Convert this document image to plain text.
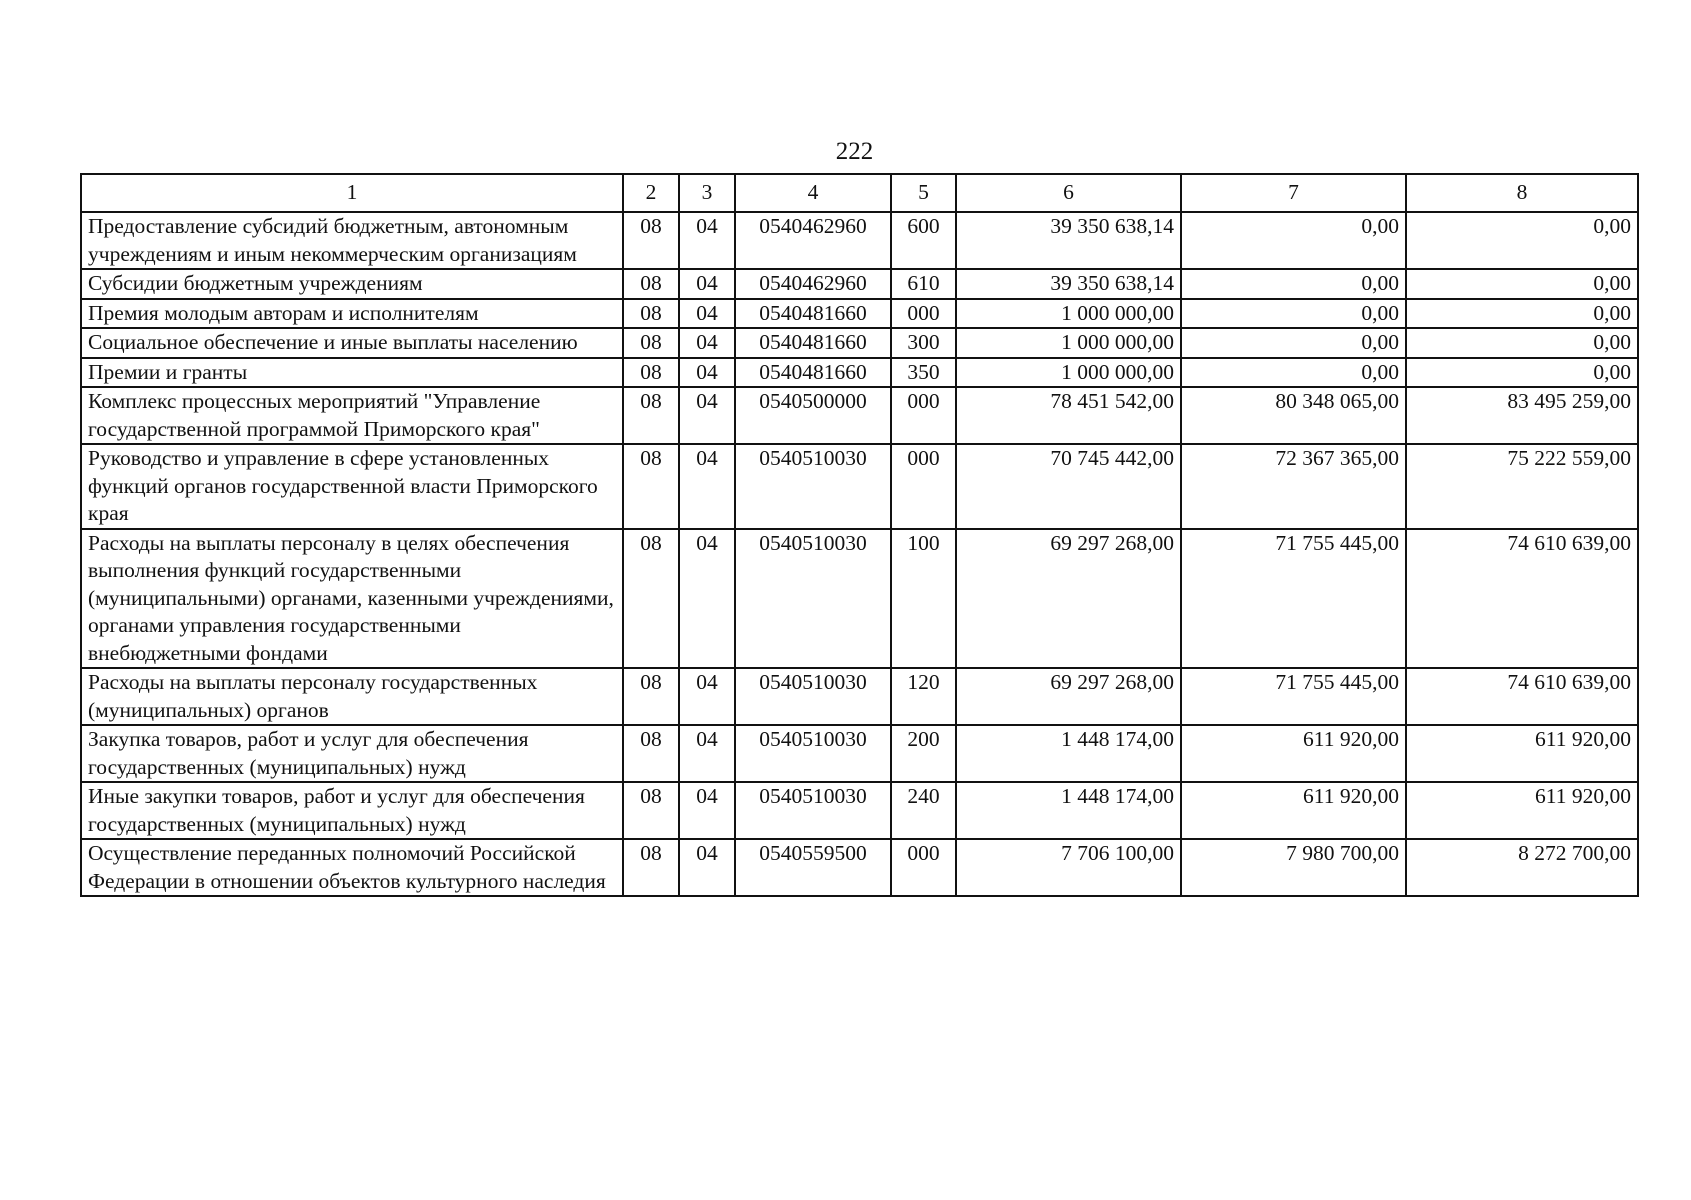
222
1	2	3	4	5	6	7	8
Предоставление субсидий бюджетным, автономным учреждениям и иным некоммерческим организациям	08	04	0540462960	600	39 350 638,14	0,00	0,00
Субсидии бюджетным учреждениям	08	04	0540462960	610	39 350 638,14	0,00	0,00
Премия молодым авторам и исполнителям	08	04	0540481660	000	1 000 000,00	0,00	0,00
Социальное обеспечение и иные выплаты населению	08	04	0540481660	300	1 000 000,00	0,00	0,00
Премии и гранты	08	04	0540481660	350	1 000 000,00	0,00	0,00
Комплекс процессных мероприятий "Управление государственной программой Приморского края"	08	04	0540500000	000	78 451 542,00	80 348 065,00	83 495 259,00
Руководство и управление в сфере установленных функций органов государственной власти Приморского края	08	04	0540510030	000	70 745 442,00	72 367 365,00	75 222 559,00
Расходы на выплаты персоналу в целях обеспечения выполнения функций государственными (муниципальными) органами, казенными учреждениями, органами управления государственными внебюджетными фондами	08	04	0540510030	100	69 297 268,00	71 755 445,00	74 610 639,00
Расходы на выплаты персоналу государственных (муниципальных) органов	08	04	0540510030	120	69 297 268,00	71 755 445,00	74 610 639,00
Закупка товаров, работ и услуг для обеспечения государственных (муниципальных) нужд	08	04	0540510030	200	1 448 174,00	611 920,00	611 920,00
Иные закупки товаров, работ и услуг для обеспечения государственных (муниципальных) нужд	08	04	0540510030	240	1 448 174,00	611 920,00	611 920,00
Осуществление переданных полномочий Российской Федерации в отношении объектов культурного наследия	08	04	0540559500	000	7 706 100,00	7 980 700,00	8 272 700,00
